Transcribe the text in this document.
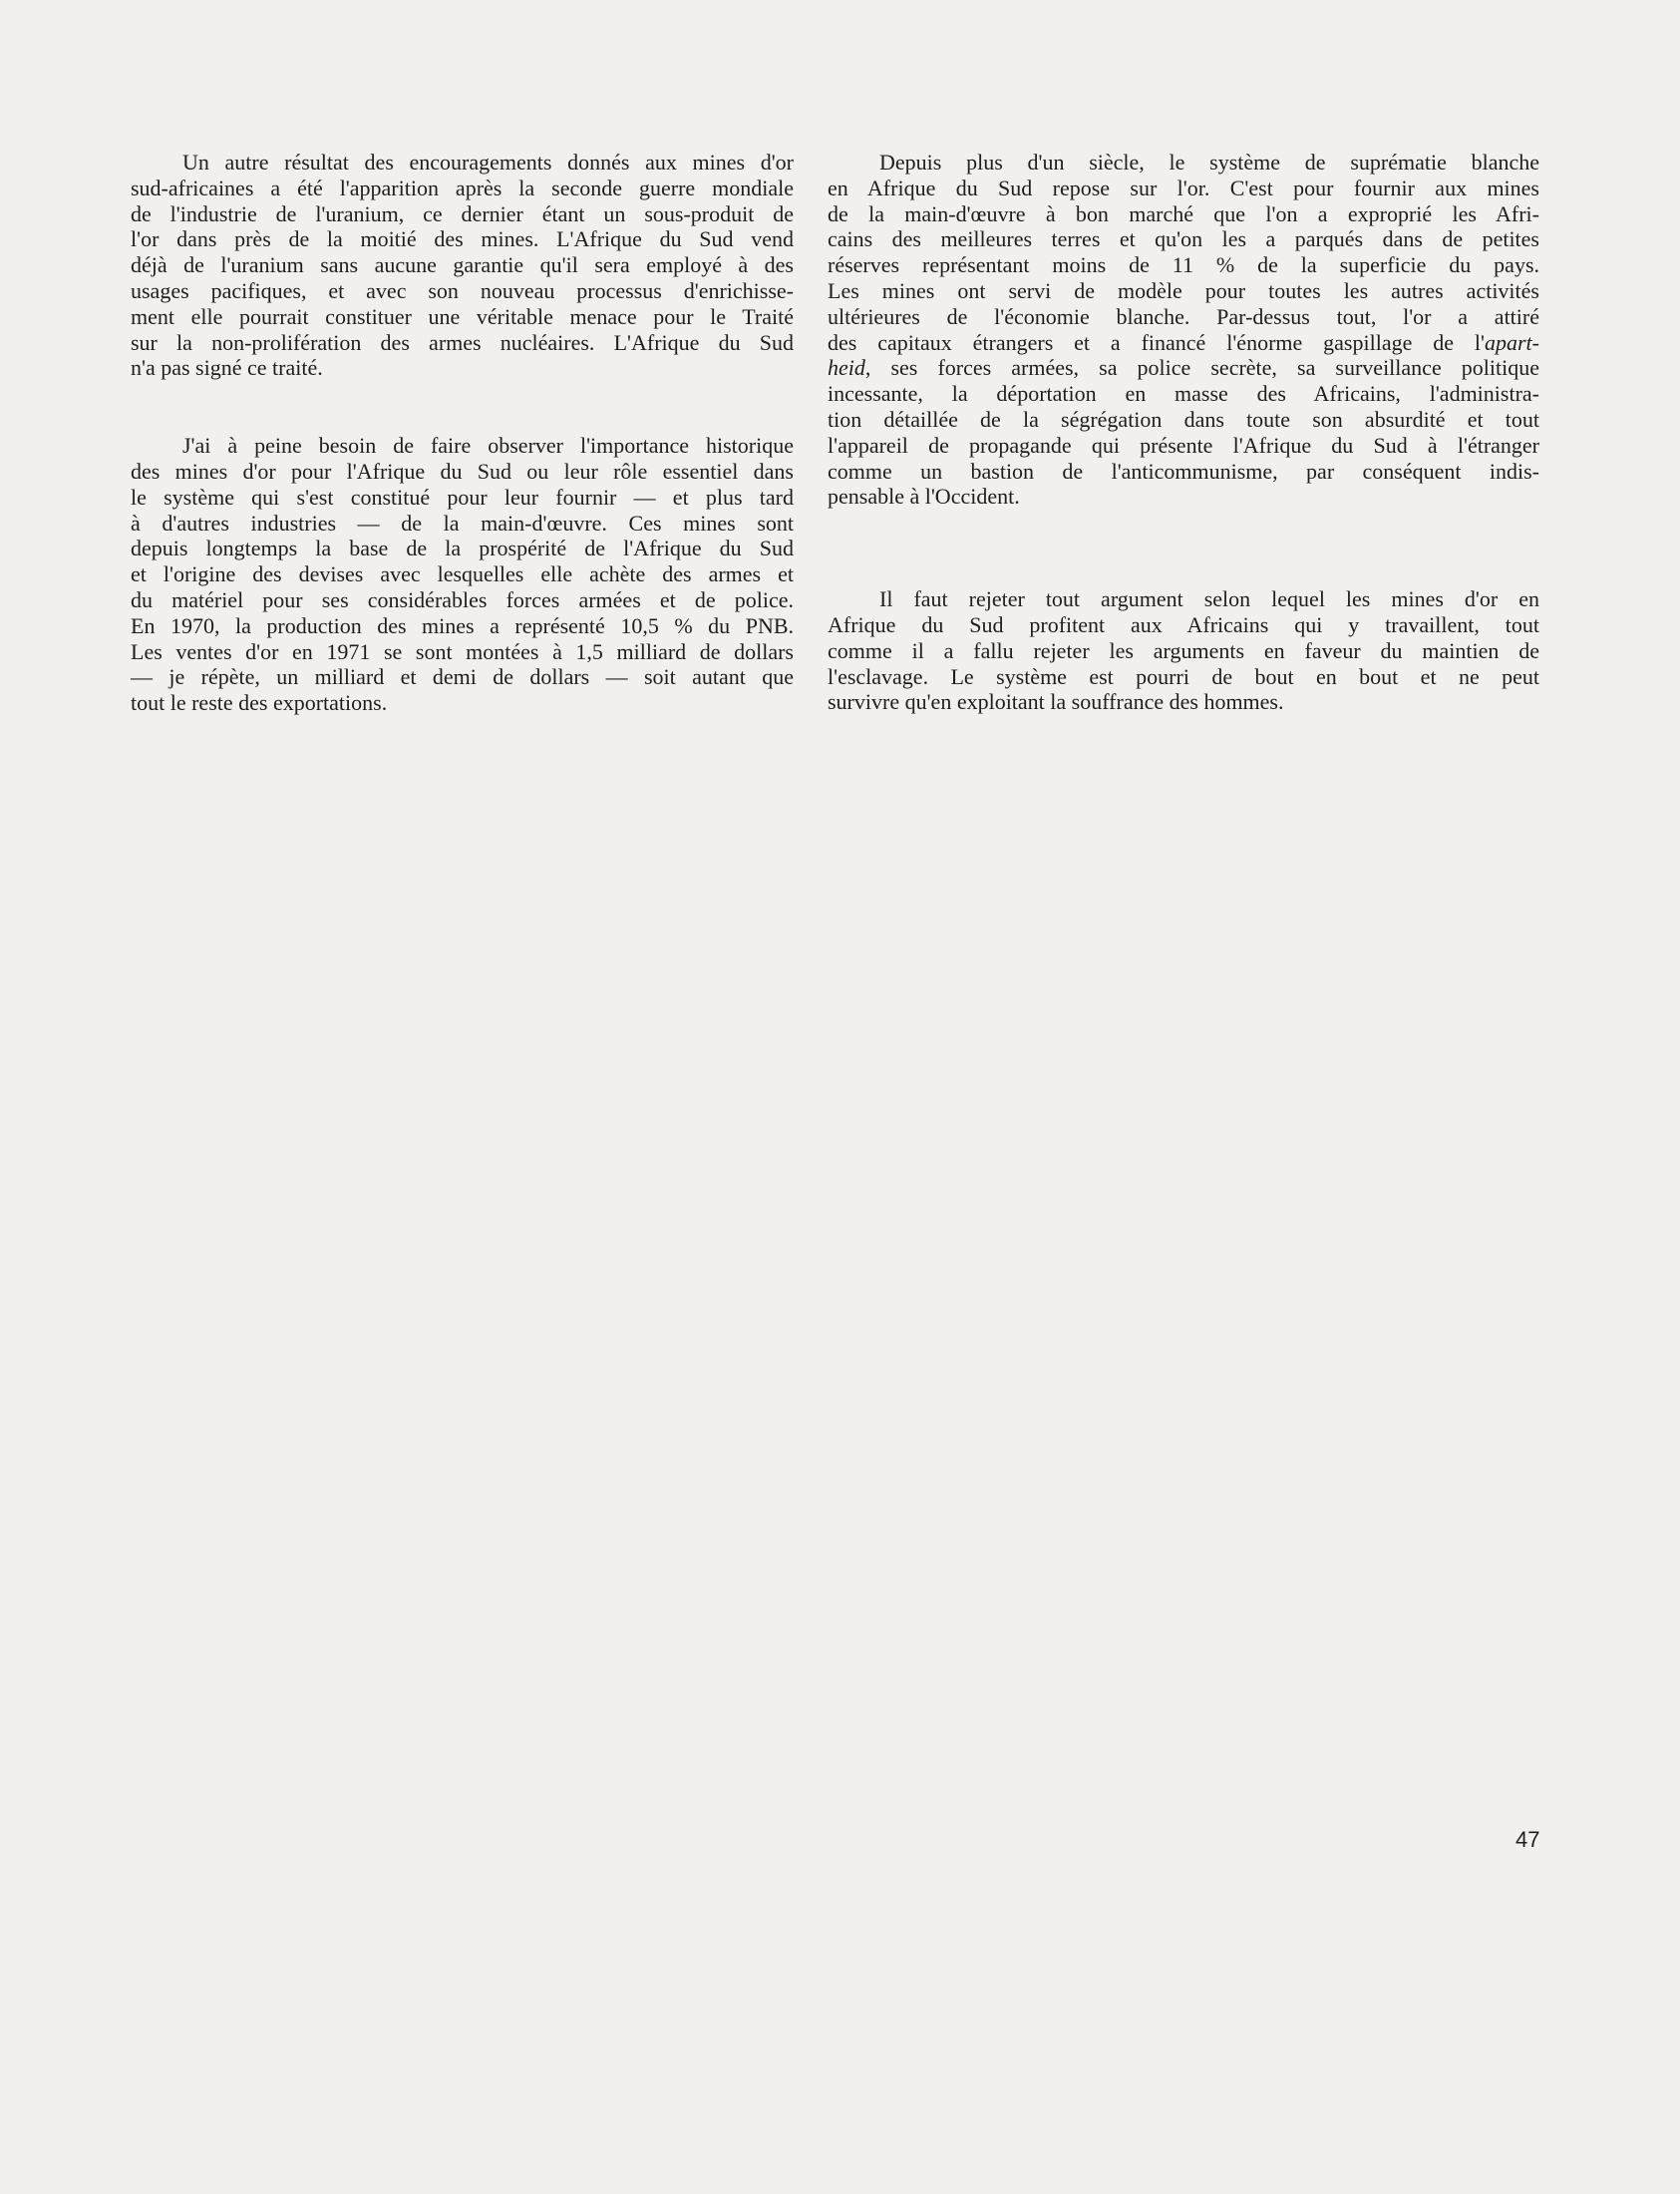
Un autre résultat des encouragements donnés aux mines d'or
sud-africaines a été l'apparition après la seconde guerre mondiale
de l'industrie de l'uranium, ce dernier étant un sous-produit de
l'or dans près de la moitié des mines. L'Afrique du Sud vend
déjà de l'uranium sans aucune garantie qu'il sera employé à des
usages pacifiques, et avec son nouveau processus d'enrichisse-
ment elle pourrait constituer une véritable menace pour le Traité
sur la non-prolifération des armes nucléaires. L'Afrique du Sud
n'a pas signé ce traité.

J'ai à peine besoin de faire observer l'importance historique
des mines d'or pour l'Afrique du Sud ou leur rôle essentiel dans
le système qui s'est constitué pour leur fournir — et plus tard
à d'autres industries — de la main-d'œuvre. Ces mines sont
depuis longtemps la base de la prospérité de l'Afrique du Sud
et l'origine des devises avec lesquelles elle achète des armes et
du matériel pour ses considérables forces armées et de police.
En 1970, la production des mines a représenté 10,5 % du PNB.
Les ventes d'or en 1971 se sont montées à 1,5 milliard de dollars
— je répète, un milliard et demi de dollars — soit autant que
tout le reste des exportations.

Depuis plus d'un siècle, le système de suprématie blanche
en Afrique du Sud repose sur l'or. C'est pour fournir aux mines
de la main-d'œuvre à bon marché que l'on a exproprié les Afri-
cains des meilleures terres et qu'on les a parqués dans de petites
réserves représentant moins de 11 % de la superficie du pays.
Les mines ont servi de modèle pour toutes les autres activités
ultérieures de l'économie blanche. Par-dessus tout, l'or a attiré
des capitaux étrangers et a financé l'énorme gaspillage de l'apart-
heid, ses forces armées, sa police secrète, sa surveillance politique
incessante, la déportation en masse des Africains, l'administra-
tion détaillée de la ségrégation dans toute son absurdité et tout
l'appareil de propagande qui présente l'Afrique du Sud à l'étranger
comme un bastion de l'anticommunisme, par conséquent indis-
pensable à l'Occident.

Il faut rejeter tout argument selon lequel les mines d'or en
Afrique du Sud profitent aux Africains qui y travaillent, tout
comme il a fallu rejeter les arguments en faveur du maintien de
l'esclavage. Le système est pourri de bout en bout et ne peut
survivre qu'en exploitant la souffrance des hommes.

47
